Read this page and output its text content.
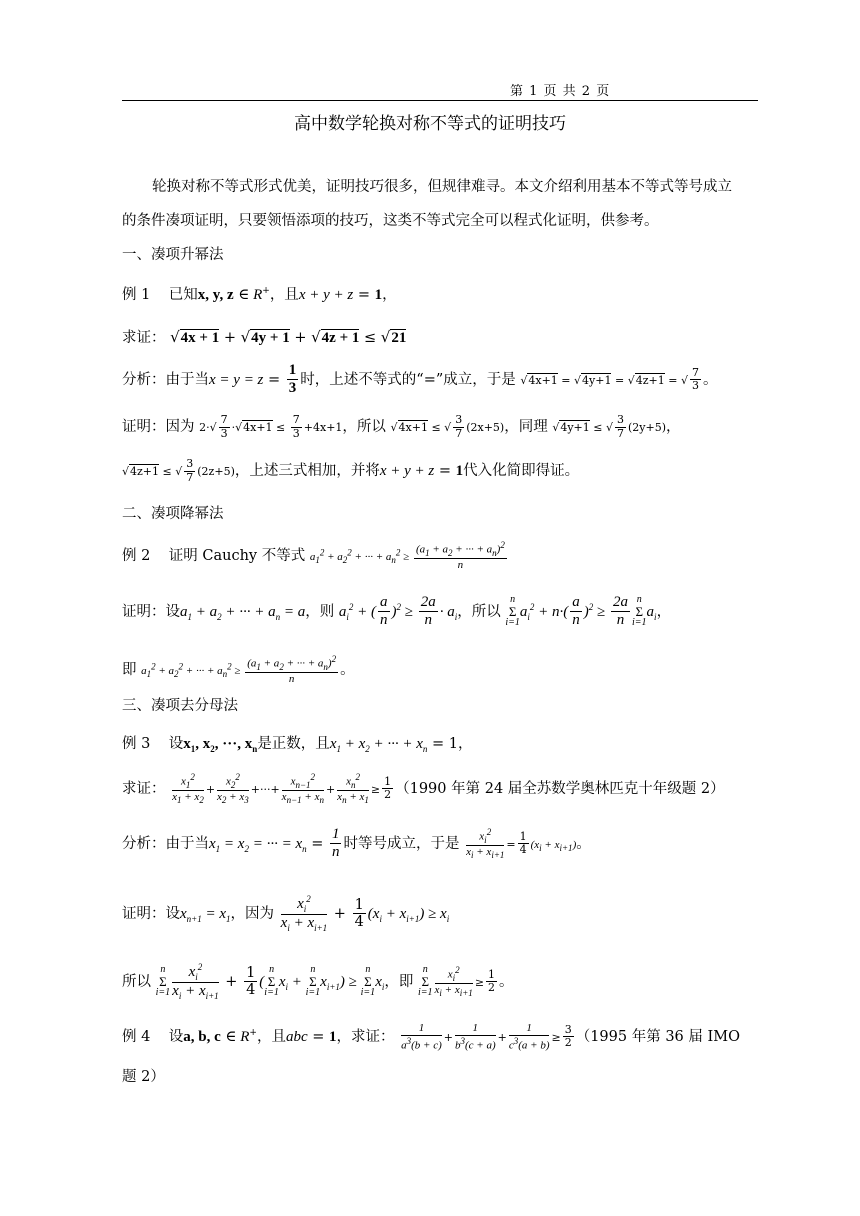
第 1 页 共 2 页
高中数学轮换对称不等式的证明技巧
轮换对称不等式形式优美，证明技巧很多，但规律难寻。本文介绍利用基本不等式等号成立
的条件凑项证明，只要领悟添项的技巧，这类不等式完全可以程式化证明，供参考。
一、凑项升幂法
例 1 已知x, y, z ∈ R+，且x + y + z = 1，
求证： √4x + 1 + √4y + 1 + √4z + 1 ≤ √21
分析：由于当$x = y = z = \frac{1}{3}$ 时，上述不等式的“=”成立，于是 √4x+1 = √4y+1 = √4z+1 = √ $\frac{7}{3}$ 。
证明：因为 $2\cdot√ \frac{7}{3} \cdot√4x+1 \le \frac{7}{3} +4x+1$，所以 √4x+1 ≤ √ $\frac{3}{7} (2x+5)$，同理 √4y+1 ≤ √ $\frac{3}{7} (2y+5)$，
√4z+1 ≤ √ $\frac{3}{7} (2z+5)$，上述三式相加，并将x + y + z = 1代入化简即得证。
二、凑项降幂法
例 2 证明 Cauchy 不等式 $a_1^2 + a_2^2$ + ··· + $a_n^2 \ge \frac{(a_1 + a_2 + \cdot\cdot\cdot + a_n)^2}{n}$
证明：设$a_1 + a_2$ + ··· + $a_n = a$，则 $a_i^2$ + ( $\frac{a}{n} )^2 \ge \frac{2a}{n} \cdot a_i$，所以
n
Σ
i=1
$a_i^2 + n\cdot( \frac{a}{n} )^2 \ge \frac{2a}{n}$ n
Σ
i=1
$a_i$，
即 $a_1^2 + a_2^2$ + ··· + $a_n^2 \ge \frac{(a_1 + a_2 + \cdot\cdot\cdot + a_n)^2}{n}$ 。
三、凑项去分母法
例 3 设$x_1$, $x_2$, ···, $x_n$是正数，且$x_1 + x_2$ + ··· + $x_n = 1$，
求证： $\frac{x_1^2}{x_1 + x_2} + \frac{x_2^2}{x_2 + x_3}$ +···+ $\frac{x_{n-1}^2}{x_{n-1} + x_n} + \frac{x_n^2}{x_n + x_1} \ge \frac{1}{2} (1990$ 年第 24 届全苏数学奥林匹克十年级题 2）
分析：由于当$x_1 = x_2$ = ··· = $x_n = \frac{1}{n}$ 时等号成立，于是 $\frac{x_i^2}{x_i + x_{i+1}} = \frac{1}{4} (x_i + x_{i+1})$。
证明：设$x_{n+1} = x_1$，因为 $\frac{x_i^2}{x_i + x_{i+1}} + \frac{1}{4} (x_i + x_{i+1}) \ge x_i$
所以
n
Σ
$i=1 \frac{x_i^2}{x_i + x_{i+1}} + \frac{1}{4}$ (
n
Σ
i=1
$x_i$ +
n
Σ
i=1
$x_{i+1}$) ≥
n
Σ
i=1
$x_i$，即
n
Σ
$i=1 \frac{x_i^2}{x_i + x_{i+1}} \ge \frac{1}{2}$ 。
例 4 设a, b, c ∈ R+，且abc = 1，求证： $\frac{1}{a^3(b + c)} + \frac{1}{b^3(c + a)} + \frac{1}{c^3(a + b)} \ge \frac{3}{2} (1995$ 年第 36 届 IMO
题 2）
